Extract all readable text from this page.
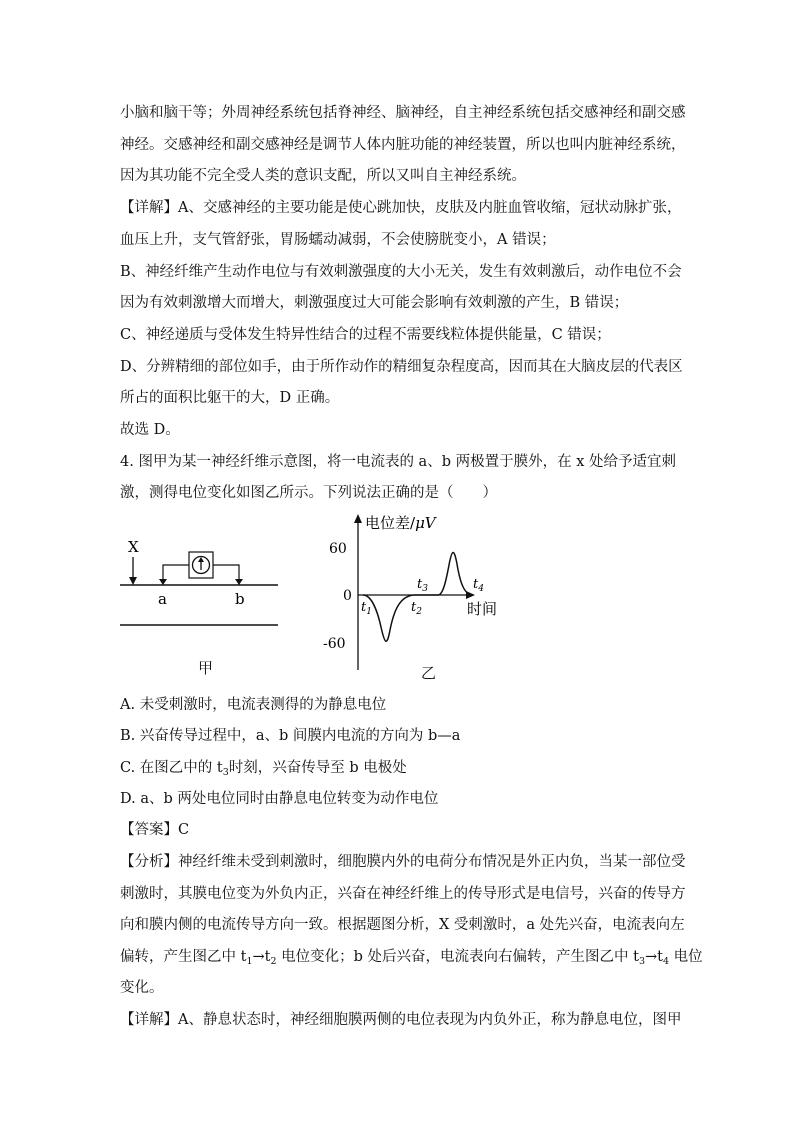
小脑和脑干等；外周神经系统包括脊神经、脑神经，自主神经系统包括交感神经和副交感
神经。交感神经和副交感神经是调节人体内脏功能的神经装置，所以也叫内脏神经系统，
因为其功能不完全受人类的意识支配，所以又叫自主神经系统。
【详解】A、交感神经的主要功能是使心跳加快，皮肤及内脏血管收缩，冠状动脉扩张，
血压上升，支气管舒张，胃肠蠕动减弱，不会使膀胱变小，A 错误；
B、神经纤维产生动作电位与有效刺激强度的大小无关，发生有效刺激后，动作电位不会
因为有效刺激增大而增大，刺激强度过大可能会影响有效刺激的产生，B 错误；
C、神经递质与受体发生特异性结合的过程不需要线粒体提供能量，C 错误；
D、分辨精细的部位如手，由于所作动作的精细复杂程度高，因而其在大脑皮层的代表区
所占的面积比躯干的大，D 正确。
故选 D。
4. 图甲为某一神经纤维示意图，将一电流表的 a、b 两极置于膜外，在 x 处给予适宜刺
激，测得电位变化如图乙所示。下列说法正确的是（　　）
X
a	b
甲
电位差/μV
时间
60
0
-60
$t_1$	$t_2$
$t_3$	$t_4$
乙
A. 未受刺激时，电流表测得的为静息电位
B. 兴奋传导过程中，a、b 间膜内电流的方向为 b—a
C. 在图乙中的 $t_3$时刻，兴奋传导至 b 电极处
D. a、b 两处电位同时由静息电位转变为动作电位
【答案】C
【分析】神经纤维未受到刺激时，细胞膜内外的电荷分布情况是外正内负，当某一部位受
刺激时，其膜电位变为外负内正，兴奋在神经纤维上的传导形式是电信号，兴奋的传导方
向和膜内侧的电流传导方向一致。根据题图分析，X 受刺激时，a 处先兴奋，电流表向左
偏转，产生图乙中 $t_1\to t_2$ 电位变化；b 处后兴奋，电流表向右偏转，产生图乙中 $t_3\to t_4$ 电位
变化。
【详解】A、静息状态时，神经细胞膜两侧的电位表现为内负外正，称为静息电位，图甲
